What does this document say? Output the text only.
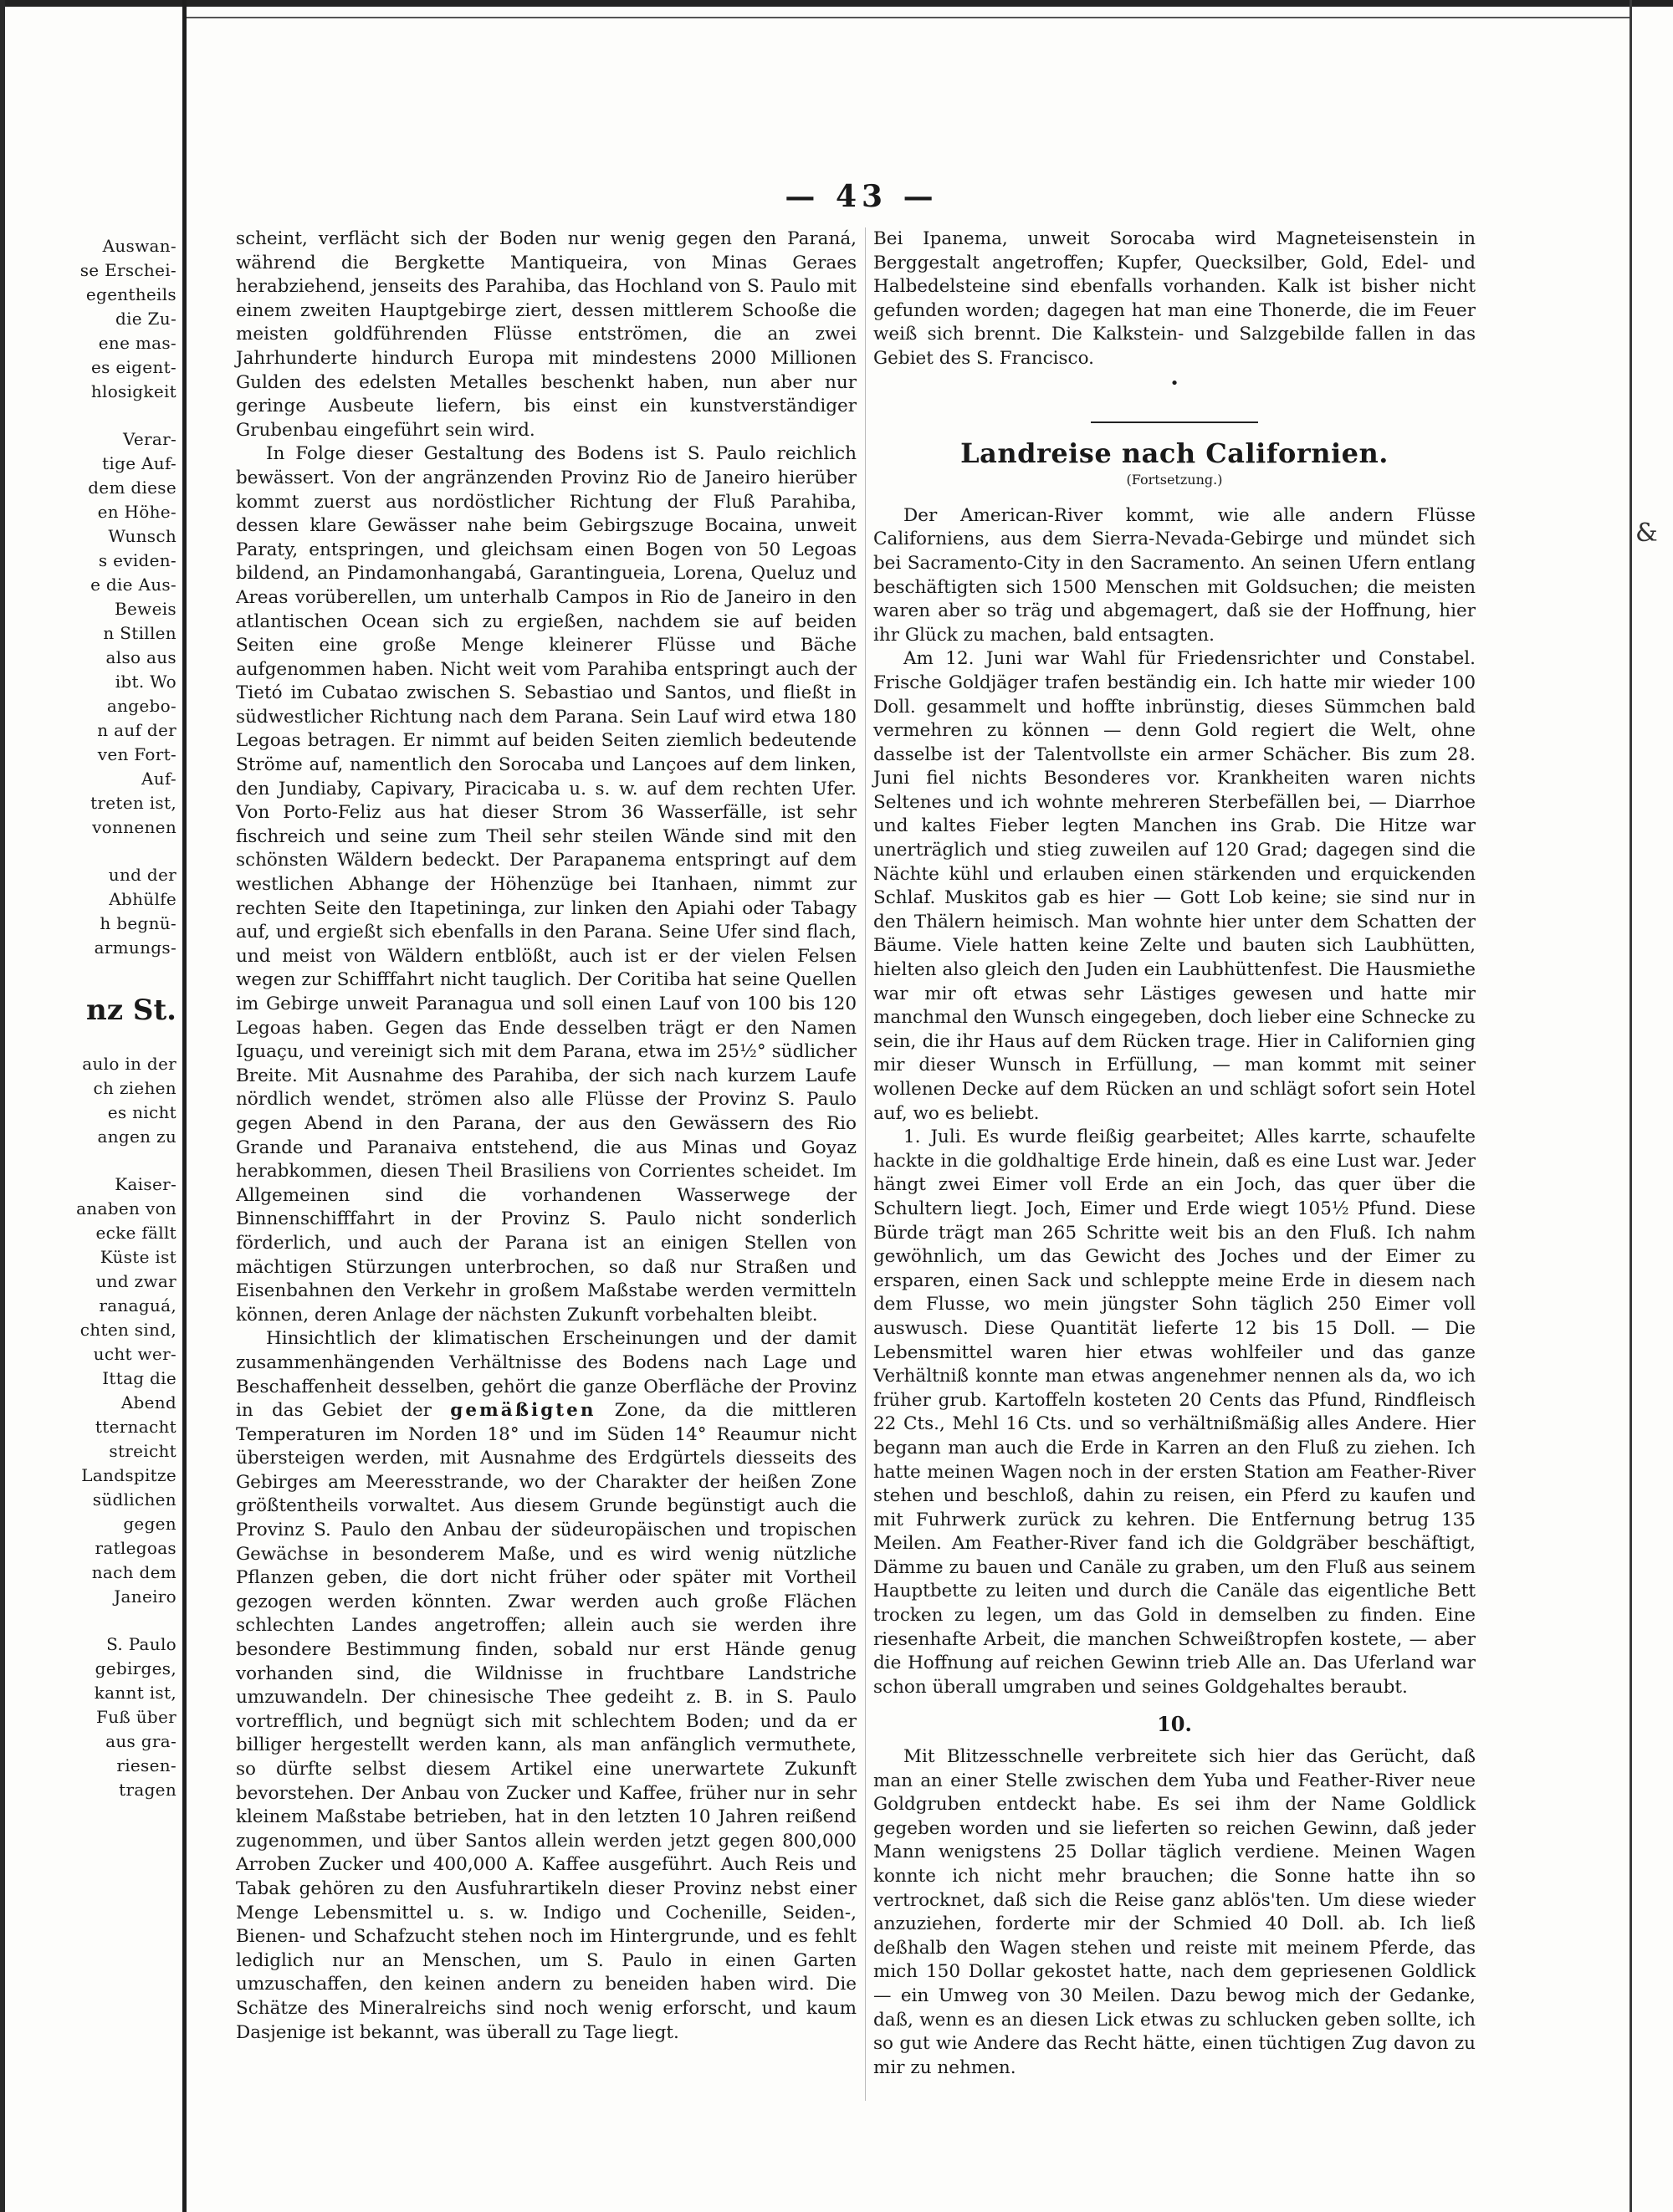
Auswan-
se Erschei-
egentheils
die Zu-
ene mas-
es eigent-
hlosigkeit
Verar-
tige Auf-
dem diese
en Höhe-
Wunsch
s eviden-
e die Aus-
Beweis
n Stillen
also aus
ibt. Wo
angebo-
n auf der
ven Fort-
Auf-
treten ist,
vonnenen
und der
Abhülfe
h begnü-
armungs-
nz St.
aulo in der
ch ziehen
es nicht
angen zu
Kaiser-
anaben von
ecke fällt
Küste ist
und zwar
ranaguá,
chten sind,
ucht wer-
Ittag die
Abend
tternacht
streicht
Landspitze
südlichen
gegen
ratlegoas
nach dem
Janeiro
S. Paulo
gebirges,
kannt ist,
Fuß über
aus gra-
riesen-
tragen
— 43 —

scheint, verflächt sich der Boden nur wenig gegen den Paraná, während die Bergkette Mantiqueira, von Minas Geraes herabziehend, jenseits des Parahiba, das Hochland von S. Paulo mit einem zweiten Hauptgebirge ziert, dessen mittlerem Schooße die meisten goldführenden Flüsse entströmen, die an zwei Jahrhunderte hindurch Europa mit mindestens 2000 Millionen Gulden des edelsten Metalles beschenkt haben, nun aber nur geringe Ausbeute liefern, bis einst ein kunstverständiger Grubenbau eingeführt sein wird.

In Folge dieser Gestaltung des Bodens ist S. Paulo reichlich bewässert. Von der angränzenden Provinz Rio de Janeiro hierüber kommt zuerst aus nordöstlicher Richtung der Fluß Parahiba, dessen klare Gewässer nahe beim Gebirgszuge Bocaina, unweit Paraty, entspringen, und gleichsam einen Bogen von 50 Legoas bildend, an Pindamonhangabá, Garantingueia, Lorena, Queluz und Areas vorüberellen, um unterhalb Campos in Rio de Janeiro in den atlantischen Ocean sich zu ergießen, nachdem sie auf beiden Seiten eine große Menge kleinerer Flüsse und Bäche aufgenommen haben. Nicht weit vom Parahiba entspringt auch der Tietó im Cubatao zwischen S. Sebastiao und Santos, und fließt in südwestlicher Richtung nach dem Parana. Sein Lauf wird etwa 180 Legoas betragen. Er nimmt auf beiden Seiten ziemlich bedeutende Ströme auf, namentlich den Sorocaba und Lançoes auf dem linken, den Jundiaby, Capivary, Piracicaba u. s. w. auf dem rechten Ufer. Von Porto-Feliz aus hat dieser Strom 36 Wasserfälle, ist sehr fischreich und seine zum Theil sehr steilen Wände sind mit den schönsten Wäldern bedeckt. Der Parapanema entspringt auf dem westlichen Abhange der Höhenzüge bei Itanhaen, nimmt zur rechten Seite den Itapetininga, zur linken den Apiahi oder Tabagy auf, und ergießt sich ebenfalls in den Parana. Seine Ufer sind flach, und meist von Wäldern entblößt, auch ist er der vielen Felsen wegen zur Schifffahrt nicht tauglich. Der Coritiba hat seine Quellen im Gebirge unweit Paranagua und soll einen Lauf von 100 bis 120 Legoas haben. Gegen das Ende desselben trägt er den Namen Iguaçu, und vereinigt sich mit dem Parana, etwa im 25½° südlicher Breite. Mit Ausnahme des Parahiba, der sich nach kurzem Laufe nördlich wendet, strömen also alle Flüsse der Provinz S. Paulo gegen Abend in den Parana, der aus den Gewässern des Rio Grande und Paranaiva entstehend, die aus Minas und Goyaz herabkommen, diesen Theil Brasiliens von Corrientes scheidet. Im Allgemeinen sind die vorhandenen Wasserwege der Binnenschifffahrt in der Provinz S. Paulo nicht sonderlich förderlich, und auch der Parana ist an einigen Stellen von mächtigen Stürzungen unterbrochen, so daß nur Straßen und Eisenbahnen den Verkehr in großem Maßstabe werden vermitteln können, deren Anlage der nächsten Zukunft vorbehalten bleibt.

Hinsichtlich der klimatischen Erscheinungen und der damit zusammenhängenden Verhältnisse des Bodens nach Lage und Beschaffenheit desselben, gehört die ganze Oberfläche der Provinz in das Gebiet der gemäßigten Zone, da die mittleren Temperaturen im Norden 18° und im Süden 14° Reaumur nicht übersteigen werden, mit Ausnahme des Erdgürtels diesseits des Gebirges am Meeresstrande, wo der Charakter der heißen Zone größtentheils vorwaltet. Aus diesem Grunde begünstigt auch die Provinz S. Paulo den Anbau der südeuropäischen und tropischen Gewächse in besonderem Maße, und es wird wenig nützliche Pflanzen geben, die dort nicht früher oder später mit Vortheil gezogen werden könnten. Zwar werden auch große Flächen schlechten Landes angetroffen; allein auch sie werden ihre besondere Bestimmung finden, sobald nur erst Hände genug vorhanden sind, die Wildnisse in fruchtbare Landstriche umzuwandeln. Der chinesische Thee gedeiht z. B. in S. Paulo vortrefflich, und begnügt sich mit schlechtem Boden; und da er billiger hergestellt werden kann, als man anfänglich vermuthete, so dürfte selbst diesem Artikel eine unerwartete Zukunft bevorstehen. Der Anbau von Zucker und Kaffee, früher nur in sehr kleinem Maßstabe betrieben, hat in den letzten 10 Jahren reißend zugenommen, und über Santos allein werden jetzt gegen 800,000 Arroben Zucker und 400,000 A. Kaffee ausgeführt. Auch Reis und Tabak gehören zu den Ausfuhrartikeln dieser Provinz nebst einer Menge Lebensmittel u. s. w. Indigo und Cochenille, Seiden-, Bienen- und Schafzucht stehen noch im Hintergrunde, und es fehlt lediglich nur an Menschen, um S. Paulo in einen Garten umzuschaffen, den keinen andern zu beneiden haben wird. Die Schätze des Mineralreichs sind noch wenig erforscht, und kaum Dasjenige ist bekannt, was überall zu Tage liegt.

Bei Ipanema, unweit Sorocaba wird Magneteisenstein in Berggestalt angetroffen; Kupfer, Quecksilber, Gold, Edel- und Halbedelsteine sind ebenfalls vorhanden. Kalk ist bisher nicht gefunden worden; dagegen hat man eine Thonerde, die im Feuer weiß sich brennt. Die Kalkstein- und Salzgebilde fallen in das Gebiet des S. Francisco.

•
Landreise nach Californien.
(Fortsetzung.)

Der American-River kommt, wie alle andern Flüsse Californiens, aus dem Sierra-Nevada-Gebirge und mündet sich bei Sacramento-City in den Sacramento. An seinen Ufern entlang beschäftigten sich 1500 Menschen mit Goldsuchen; die meisten waren aber so träg und abgemagert, daß sie der Hoffnung, hier ihr Glück zu machen, bald entsagten.

Am 12. Juni war Wahl für Friedensrichter und Constabel. Frische Goldjäger trafen beständig ein. Ich hatte mir wieder 100 Doll. gesammelt und hoffte inbrünstig, dieses Sümmchen bald vermehren zu können — denn Gold regiert die Welt, ohne dasselbe ist der Talentvollste ein armer Schächer. Bis zum 28. Juni fiel nichts Besonderes vor. Krankheiten waren nichts Seltenes und ich wohnte mehreren Sterbefällen bei, — Diarrhoe und kaltes Fieber legten Manchen ins Grab. Die Hitze war unerträglich und stieg zuweilen auf 120 Grad; dagegen sind die Nächte kühl und erlauben einen stärkenden und erquickenden Schlaf. Muskitos gab es hier — Gott Lob keine; sie sind nur in den Thälern heimisch. Man wohnte hier unter dem Schatten der Bäume. Viele hatten keine Zelte und bauten sich Laubhütten, hielten also gleich den Juden ein Laubhüttenfest. Die Hausmiethe war mir oft etwas sehr Lästiges gewesen und hatte mir manchmal den Wunsch eingegeben, doch lieber eine Schnecke zu sein, die ihr Haus auf dem Rücken trage. Hier in Californien ging mir dieser Wunsch in Erfüllung, — man kommt mit seiner wollenen Decke auf dem Rücken an und schlägt sofort sein Hotel auf, wo es beliebt.

1. Juli. Es wurde fleißig gearbeitet; Alles karrte, schaufelte hackte in die goldhaltige Erde hinein, daß es eine Lust war. Jeder hängt zwei Eimer voll Erde an ein Joch, das quer über die Schultern liegt. Joch, Eimer und Erde wiegt 105½ Pfund. Diese Bürde trägt man 265 Schritte weit bis an den Fluß. Ich nahm gewöhnlich, um das Gewicht des Joches und der Eimer zu ersparen, einen Sack und schleppte meine Erde in diesem nach dem Flusse, wo mein jüngster Sohn täglich 250 Eimer voll auswusch. Diese Quantität lieferte 12 bis 15 Doll. — Die Lebensmittel waren hier etwas wohlfeiler und das ganze Verhältniß konnte man etwas angenehmer nennen als da, wo ich früher grub. Kartoffeln kosteten 20 Cents das Pfund, Rindfleisch 22 Cts., Mehl 16 Cts. und so verhältnißmäßig alles Andere. Hier begann man auch die Erde in Karren an den Fluß zu ziehen. Ich hatte meinen Wagen noch in der ersten Station am Feather-River stehen und beschloß, dahin zu reisen, ein Pferd zu kaufen und mit Fuhrwerk zurück zu kehren. Die Entfernung betrug 135 Meilen. Am Feather-River fand ich die Goldgräber beschäftigt, Dämme zu bauen und Canäle zu graben, um den Fluß aus seinem Hauptbette zu leiten und durch die Canäle das eigentliche Bett trocken zu legen, um das Gold in demselben zu finden. Eine riesenhafte Arbeit, die manchen Schweißtropfen kostete, — aber die Hoffnung auf reichen Gewinn trieb Alle an. Das Uferland war schon überall umgraben und seines Goldgehaltes beraubt.

10.

Mit Blitzesschnelle verbreitete sich hier das Gerücht, daß man an einer Stelle zwischen dem Yuba und Feather-River neue Goldgruben entdeckt habe. Es sei ihm der Name Goldlick gegeben worden und sie lieferten so reichen Gewinn, daß jeder Mann wenigstens 25 Dollar täglich verdiene. Meinen Wagen konnte ich nicht mehr brauchen; die Sonne hatte ihn so vertrocknet, daß sich die Reise ganz ablös'ten. Um diese wieder anzuziehen, forderte mir der Schmied 40 Doll. ab. Ich ließ deßhalb den Wagen stehen und reiste mit meinem Pferde, das mich 150 Dollar gekostet hatte, nach dem gepriesenen Goldlick — ein Umweg von 30 Meilen. Dazu bewog mich der Gedanke, daß, wenn es an diesen Lick etwas zu schlucken geben sollte, ich so gut wie Andere das Recht hätte, einen tüchtigen Zug davon zu mir zu nehmen.

&
